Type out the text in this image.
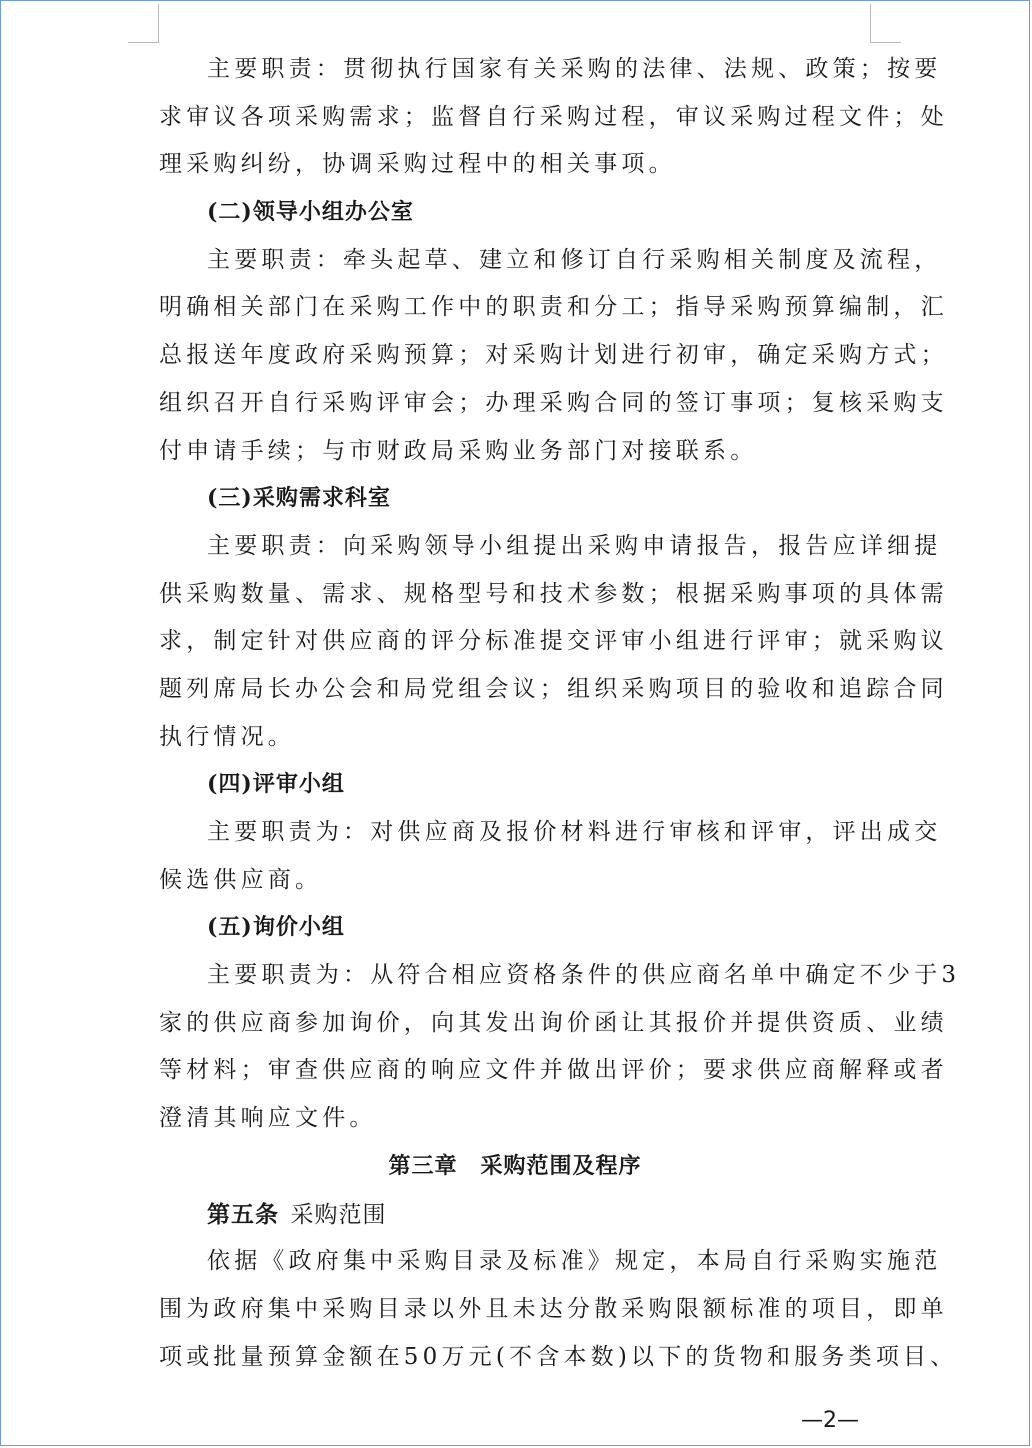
主要职责：贯彻执行国家有关采购的法律、法规、政策；按要
求审议各项采购需求；监督自行采购过程，审议采购过程文件；处
理采购纠纷，协调采购过程中的相关事项。
(二)领导小组办公室
主要职责：牵头起草、建立和修订自行采购相关制度及流程，
明确相关部门在采购工作中的职责和分工；指导采购预算编制，汇
总报送年度政府采购预算；对采购计划进行初审，确定采购方式；
组织召开自行采购评审会；办理采购合同的签订事项；复核采购支
付申请手续；与市财政局采购业务部门对接联系。
(三)采购需求科室
主要职责：向采购领导小组提出采购申请报告，报告应详细提
供采购数量、需求、规格型号和技术参数；根据采购事项的具体需
求，制定针对供应商的评分标准提交评审小组进行评审；就采购议
题列席局长办公会和局党组会议；组织采购项目的验收和追踪合同
执行情况。
(四)评审小组
主要职责为：对供应商及报价材料进行审核和评审，评出成交
候选供应商。
(五)询价小组
主要职责为：从符合相应资格条件的供应商名单中确定不少于3
家的供应商参加询价，向其发出询价函让其报价并提供资质、业绩
等材料；审查供应商的响应文件并做出评价；要求供应商解释或者
澄清其响应文件。
第三章　采购范围及程序
第五条 采购范围
依据《政府集中采购目录及标准》规定，本局自行采购实施范
围为政府集中采购目录以外且未达分散采购限额标准的项目，即单
项或批量预算金额在50万元(不含本数)以下的货物和服务类项目、
—2—
